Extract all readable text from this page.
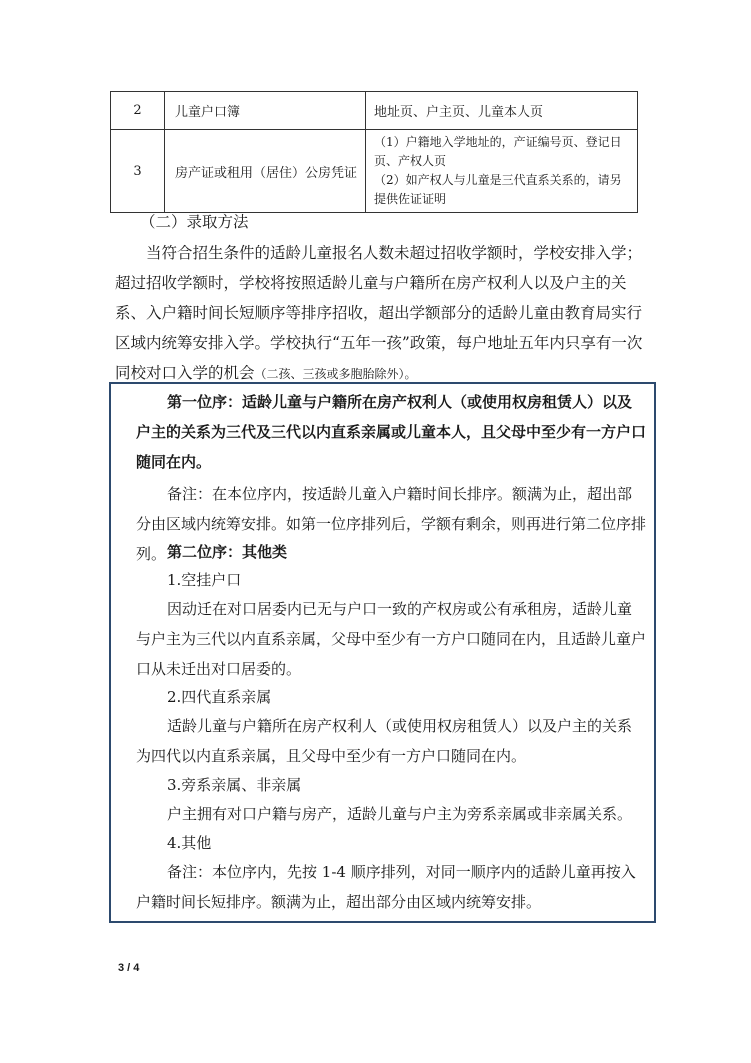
2	儿童户口簿	地址页、户主页、儿童本人页
3	房产证或租用（居住）公房凭证	（1）户籍地入学地址的，产证编号页、登记日页、产权人页
（2）如产权人与儿童是三代直系关系的，请另提供佐证证明
（二）录取方法
当符合招生条件的适龄儿童报名人数未超过招收学额时，学校安排入学；超过招收学额时，学校将按照适龄儿童与户籍所在房产权利人以及户主的关系、入户籍时间长短顺序等排序招收，超出学额部分的适龄儿童由教育局实行区域内统筹安排入学。学校执行“五年一孩”政策，每户地址五年内只享有一次同校对口入学的机会（二孩、三孩或多胞胎除外）。
第一位序：适龄儿童与户籍所在房产权利人（或使用权房租赁人）以及户主的关系为三代及三代以内直系亲属或儿童本人，且父母中至少有一方户口随同在内。
备注：在本位序内，按适龄儿童入户籍时间长排序。额满为止，超出部分由区域内统筹安排。如第一位序排列后，学额有剩余，则再进行第二位序排列。 第二位序：其他类
1.空挂户口
因动迁在对口居委内已无与户口一致的产权房或公有承租房，适龄儿童与户主为三代以内直系亲属，父母中至少有一方户口随同在内，且适龄儿童户口从未迁出对口居委的。
2.四代直系亲属
适龄儿童与户籍所在房产权利人（或使用权房租赁人）以及户主的关系为四代以内直系亲属，且父母中至少有一方户口随同在内。
3.旁系亲属、非亲属
户主拥有对口户籍与房产，适龄儿童与户主为旁系亲属或非亲属关系。
4.其他
备注：本位序内，先按 1-4 顺序排列，对同一顺序内的适龄儿童再按入户籍时间长短排序。额满为止，超出部分由区域内统筹安排。
3 / 4
